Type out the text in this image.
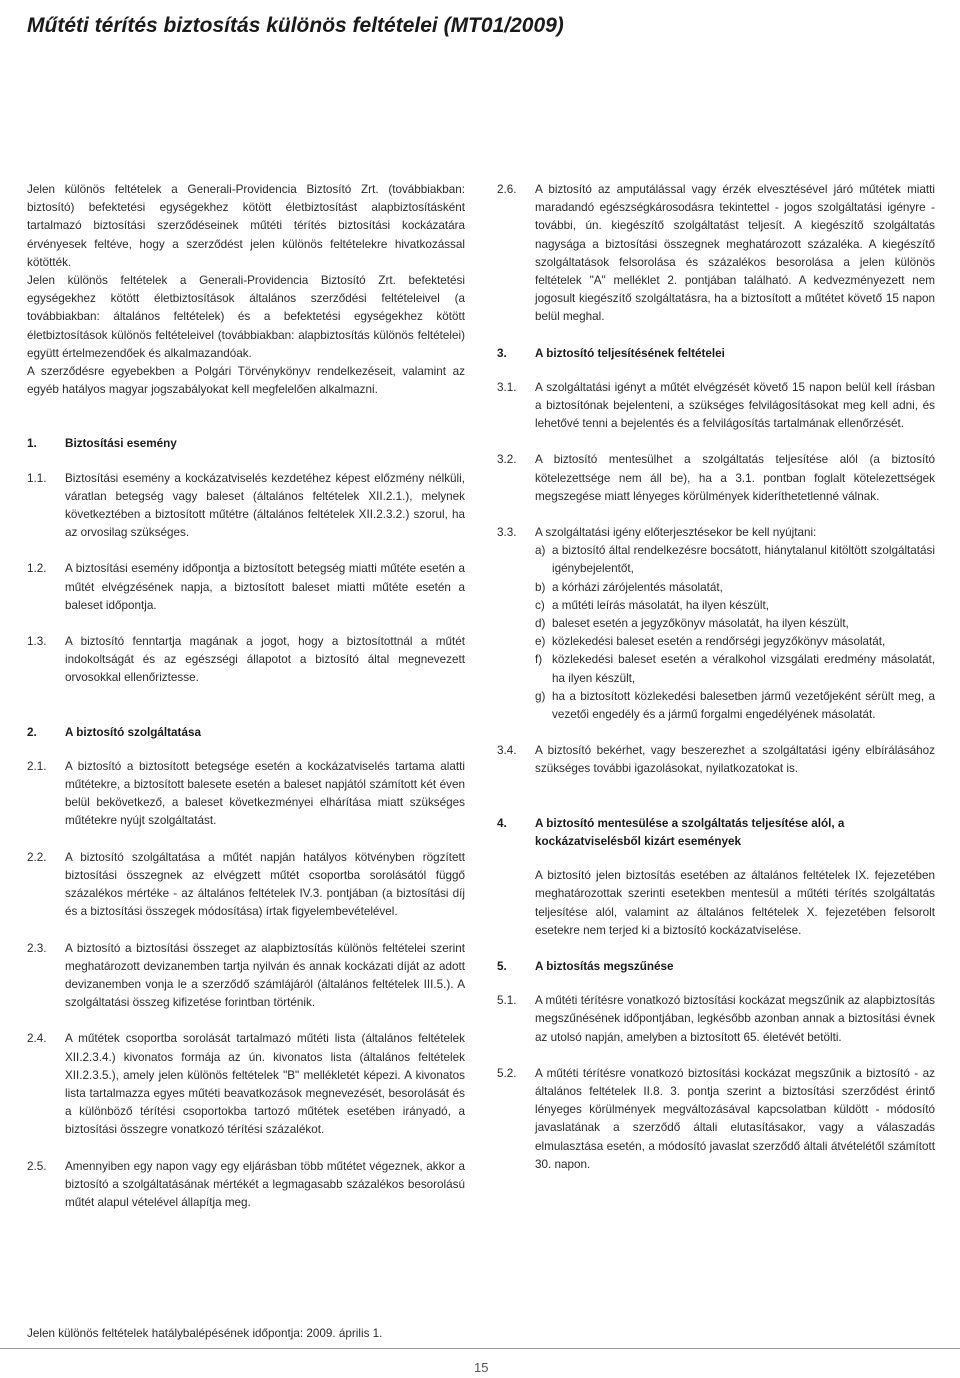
Műtéti térítés biztosítás különös feltételei (MT01/2009)

Jelen különös feltételek a Generali-Providencia Biztosító Zrt. (továbbiakban: biztosító) befektetési egységekhez kötött életbiztosítást alapbiztosításként tartalmazó biztosítási szerződéseinek műtéti térítés biztosítási kockázatára érvényesek feltéve, hogy a szerződést jelen különös feltételekre hivatkozással kötötték.

Jelen különös feltételek a Generali-Providencia Biztosító Zrt. befektetési egységekhez kötött életbiztosítások általános szerződési feltételeivel (a továbbiakban: általános feltételek) és a befektetési egységekhez kötött életbiztosítások különös feltételeivel (továbbiakban: alapbiztosítás különös feltételei) együtt értelmezendőek és alkalmazandóak.

A szerződésre egyebekben a Polgári Törvénykönyv rendelkezéseit, valamint az egyéb hatályos magyar jogszabályokat kell megfelelően alkalmazni.

1. Biztosítási esemény
1.1. Biztosítási esemény a kockázatviselés kezdetéhez képest előzmény nélküli, váratlan betegség vagy baleset (általános feltételek XII.2.1.), melynek következtében a biztosított műtétre (általános feltételek XII.2.3.2.) szorul, ha az orvosilag szükséges.
1.2. A biztosítási esemény időpontja a biztosított betegség miatti műtéte esetén a műtét elvégzésének napja, a biztosított baleset miatti műtéte esetén a baleset időpontja.
1.3. A biztosító fenntartja magának a jogot, hogy a biztosítottnál a műtét indokoltságát és az egészségi állapotot a biztosító által megnevezett orvosokkal ellenőriztesse.
2. A biztosító szolgáltatása
2.1. A biztosító a biztosított betegsége esetén a kockázatviselés tartama alatti műtétekre, a biztosított balesete esetén a baleset napjától számított két éven belül bekövetkező, a baleset következményei elhárítása miatt szükséges műtétekre nyújt szolgáltatást.
2.2. A biztosító szolgáltatása a műtét napján hatályos kötvényben rögzített biztosítási összegnek az elvégzett műtét csoportba sorolásától függő százalékos mértéke - az általános feltételek IV.3. pontjában (a biztosítási díj és a biztosítási összegek módosítása) írtak figyelembevételével.
2.3. A biztosító a biztosítási összeget az alapbiztosítás különös feltételei szerint meghatározott devizanemben tartja nyilván és annak kockázati díját az adott devizanemben vonja le a szerződő számlájáról (általános feltételek III.5.). A szolgáltatási összeg kifizetése forintban történik.
2.4. A műtétek csoportba sorolását tartalmazó műtéti lista (általános feltételek XII.2.3.4.) kivonatos formája az ún. kivonatos lista (általános feltételek XII.2.3.5.), amely jelen különös feltételek "B" mellékletét képezi. A kivonatos lista tartalmazza egyes műtéti beavatkozások megnevezését, besorolását és a különböző térítési csoportokba tartozó műtétek esetében irányadó, a biztosítási összegre vonatkozó térítési százalékot.
2.5. Amennyiben egy napon vagy egy eljárásban több műtétet végeznek, akkor a biztosító a szolgáltatásának mértékét a legmagasabb százalékos besorolású műtét alapul vételével állapítja meg.
2.6. A biztosító az amputálással vagy érzék elvesztésével járó műtétek miatti maradandó egészségkárosodásra tekintettel - jogos szolgáltatási igényre - további, ún. kiegészítő szolgáltatást teljesít. A kiegészítő szolgáltatás nagysága a biztosítási összegnek meghatározott százaléka. A kiegészítő szolgáltatások felsorolása és százalékos besorolása a jelen különös feltételek "A" melléklet 2. pontjában található. A kedvezményezett nem jogosult kiegészítő szolgáltatásra, ha a biztosított a műtétet követő 15 napon belül meghal.
3. A biztosító teljesítésének feltételei
3.1. A szolgáltatási igényt a műtét elvégzését követő 15 napon belül kell írásban a biztosítónak bejelenteni, a szükséges felvilágosításokat meg kell adni, és lehetővé tenni a bejelentés és a felvilágosítás tartalmának ellenőrzését.
3.2. A biztosító mentesülhet a szolgáltatás teljesítése alól (a biztosító kötelezettsége nem áll be), ha a 3.1. pontban foglalt kötelezettségek megszegése miatt lényeges körülmények kideríthetetlenné válnak.
3.3. A szolgáltatási igény előterjesztésekor be kell nyújtani:
a) a biztosító által rendelkezésre bocsátott, hiánytalanul kitöltött szolgáltatási igénybejelentőt,
b) a kórházi zárójelentés másolatát,
c) a műtéti leírás másolatát, ha ilyen készült,
d) baleset esetén a jegyzőkönyv másolatát, ha ilyen készült,
e) közlekedési baleset esetén a rendőrségi jegyzőkönyv másolatát,
f) közlekedési baleset esetén a véralkohol vizsgálati eredmény másolatát, ha ilyen készült,
g) ha a biztosított közlekedési balesetben jármű vezetőjeként sérült meg, a vezetői engedély és a jármű forgalmi engedélyének másolatát.
3.4. A biztosító bekérhet, vagy beszerezhet a szolgáltatási igény elbírálásához szükséges további igazolásokat, nyilatkozatokat is.
4. A biztosító mentesülése a szolgáltatás teljesítése alól, a kockázatviselésből kizárt események
A biztosító jelen biztosítás esetében az általános feltételek IX. fejezetében meghatározottak szerinti esetekben mentesül a műtéti térítés szolgáltatás teljesítése alól, valamint az általános feltételek X. fejezetében felsorolt esetekre nem terjed ki a biztosító kockázatviselése.
5. A biztosítás megszűnése
5.1. A műtéti térítésre vonatkozó biztosítási kockázat megszűnik az alapbiztosítás megszűnésének időpontjában, legkésőbb azonban annak a biztosítási évnek az utolsó napján, amelyben a biztosított 65. életévét betölti.
5.2. A műtéti térítésre vonatkozó biztosítási kockázat megszűnik a biztosító - az általános feltételek II.8. 3. pontja szerint a biztosítási szerződést érintő lényeges körülmények megváltozásával kapcsolatban küldött - módosító javaslatának a szerződő általi elutasításakor, vagy a válaszadás elmulasztása esetén, a módosító javaslat szerződő általi átvételétől számított 30. napon.
Jelen különös feltételek hatálybalépésének időpontja: 2009. április 1.
15
